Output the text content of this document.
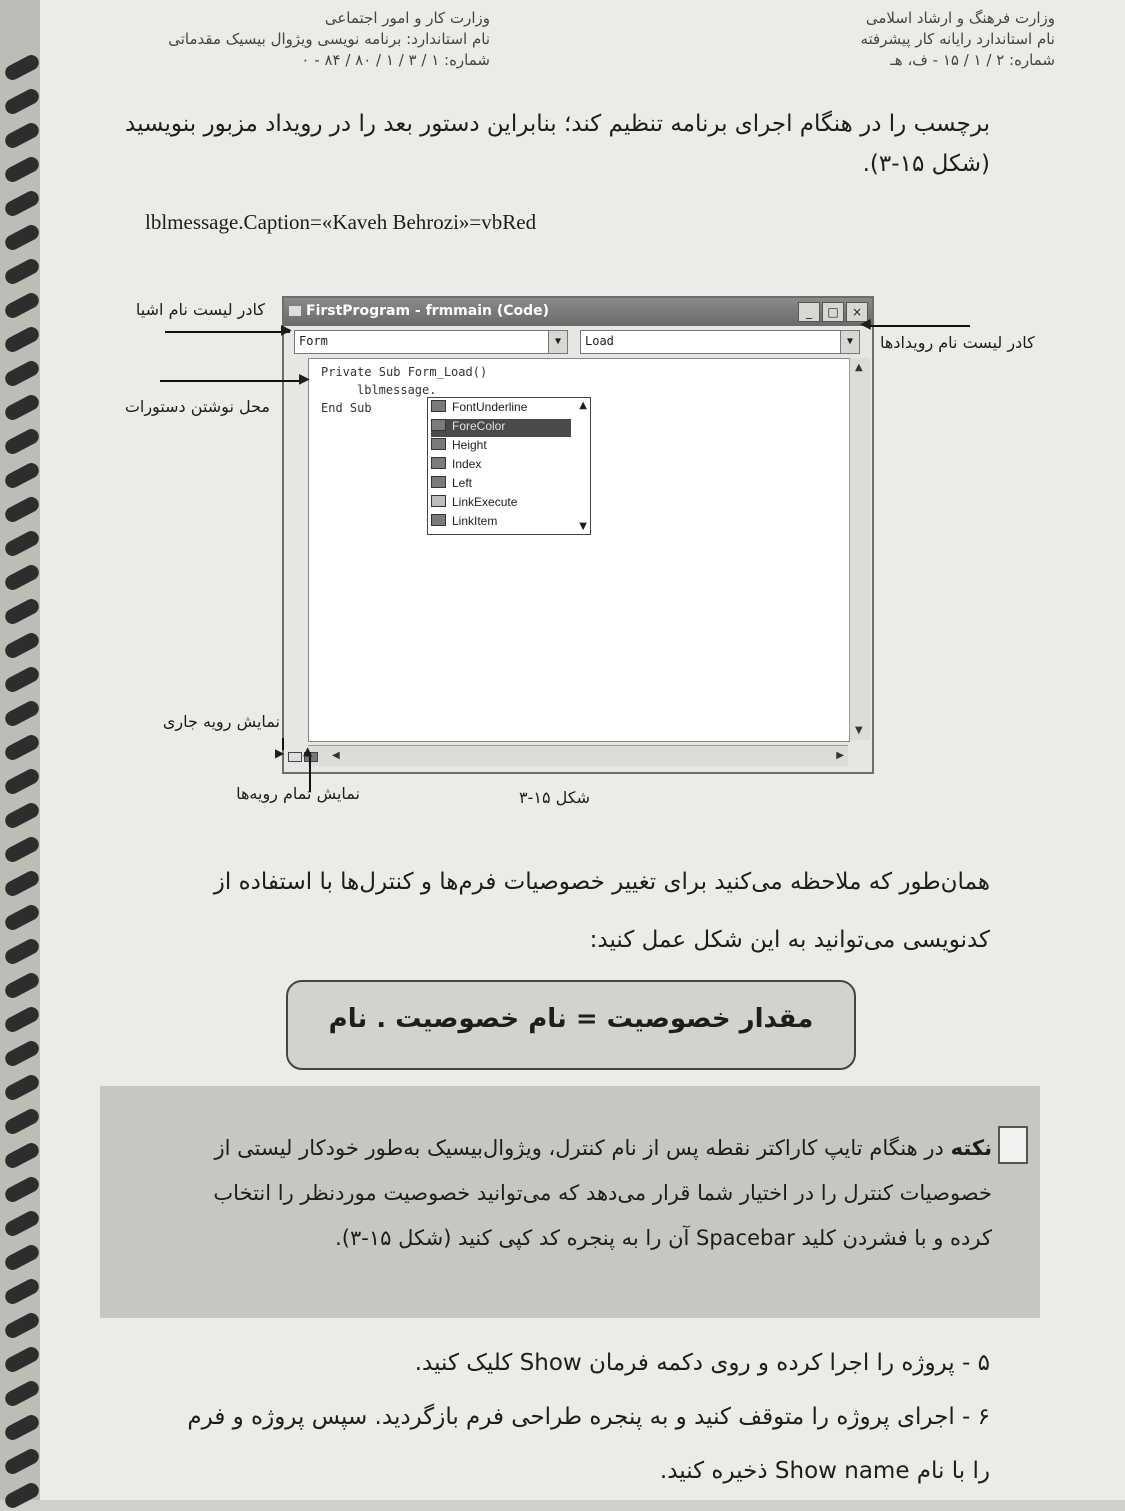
وزارت فرهنگ و ارشاد اسلامی
نام استاندارد رایانه کار پیشرفته
شماره: ۲ / ۱ / ۱۵ - ف، هـ
وزارت کار و امور اجتماعی
نام استاندارد: برنامه نویسی ویژوال بیسیک مقدماتی
شماره: ۱ / ۳ / ۱ / ۸۰ / ۸۴ - ۰
برچسب را در هنگام اجرای برنامه تنظیم کند؛ بنابراین دستور بعد را در رویداد مزبور بنویسید
(شکل ۱۵-۳).
lblmessage.Caption=«Kaveh Behrozi»=vbRed
FirstProgram - frmmain (Code)	_	□	×
Form	▼	Load	▼
Private Sub Form_Load()
lblmessage.
End Sub	FontUnderline
ForeColor
Height
Index
Left
LinkExecute
LinkItem
▲
▼
▲
▼
◀	▶
کادر لیست نام اشیا
▶
کادر لیست نام رویدادها
◀
محل نوشتن دستورات
▶
نمایش رویه جاری
▶ ▲
نمایش تمام رویه‌ها	شکل ۱۵-۳
همان‌طور که ملاحظه می‌کنید برای تغییر خصوصیات فرم‌ها و کنترل‌ها با استفاده از
کدنویسی می‌توانید به این شکل عمل کنید:
مقدار خصوصیت = نام خصوصیت . نام
نکته در هنگام تایپ کاراکتر نقطه پس از نام کنترل، ویژوال‌بیسیک به‌طور خودکار لیستی از
خصوصیات کنترل را در اختیار شما قرار می‌دهد که می‌توانید خصوصیت موردنظر را انتخاب
کرده و با فشردن کلید Spacebar آن را به پنجره کد کپی کنید (شکل ۱۵-۳).
۵ - پروژه را اجرا کرده و روی دکمه فرمان Show کلیک کنید.
۶ - اجرای پروژه را متوقف کنید و به پنجره طراحی فرم بازگردید. سپس پروژه و فرم
را با نام Show name ذخیره کنید.
